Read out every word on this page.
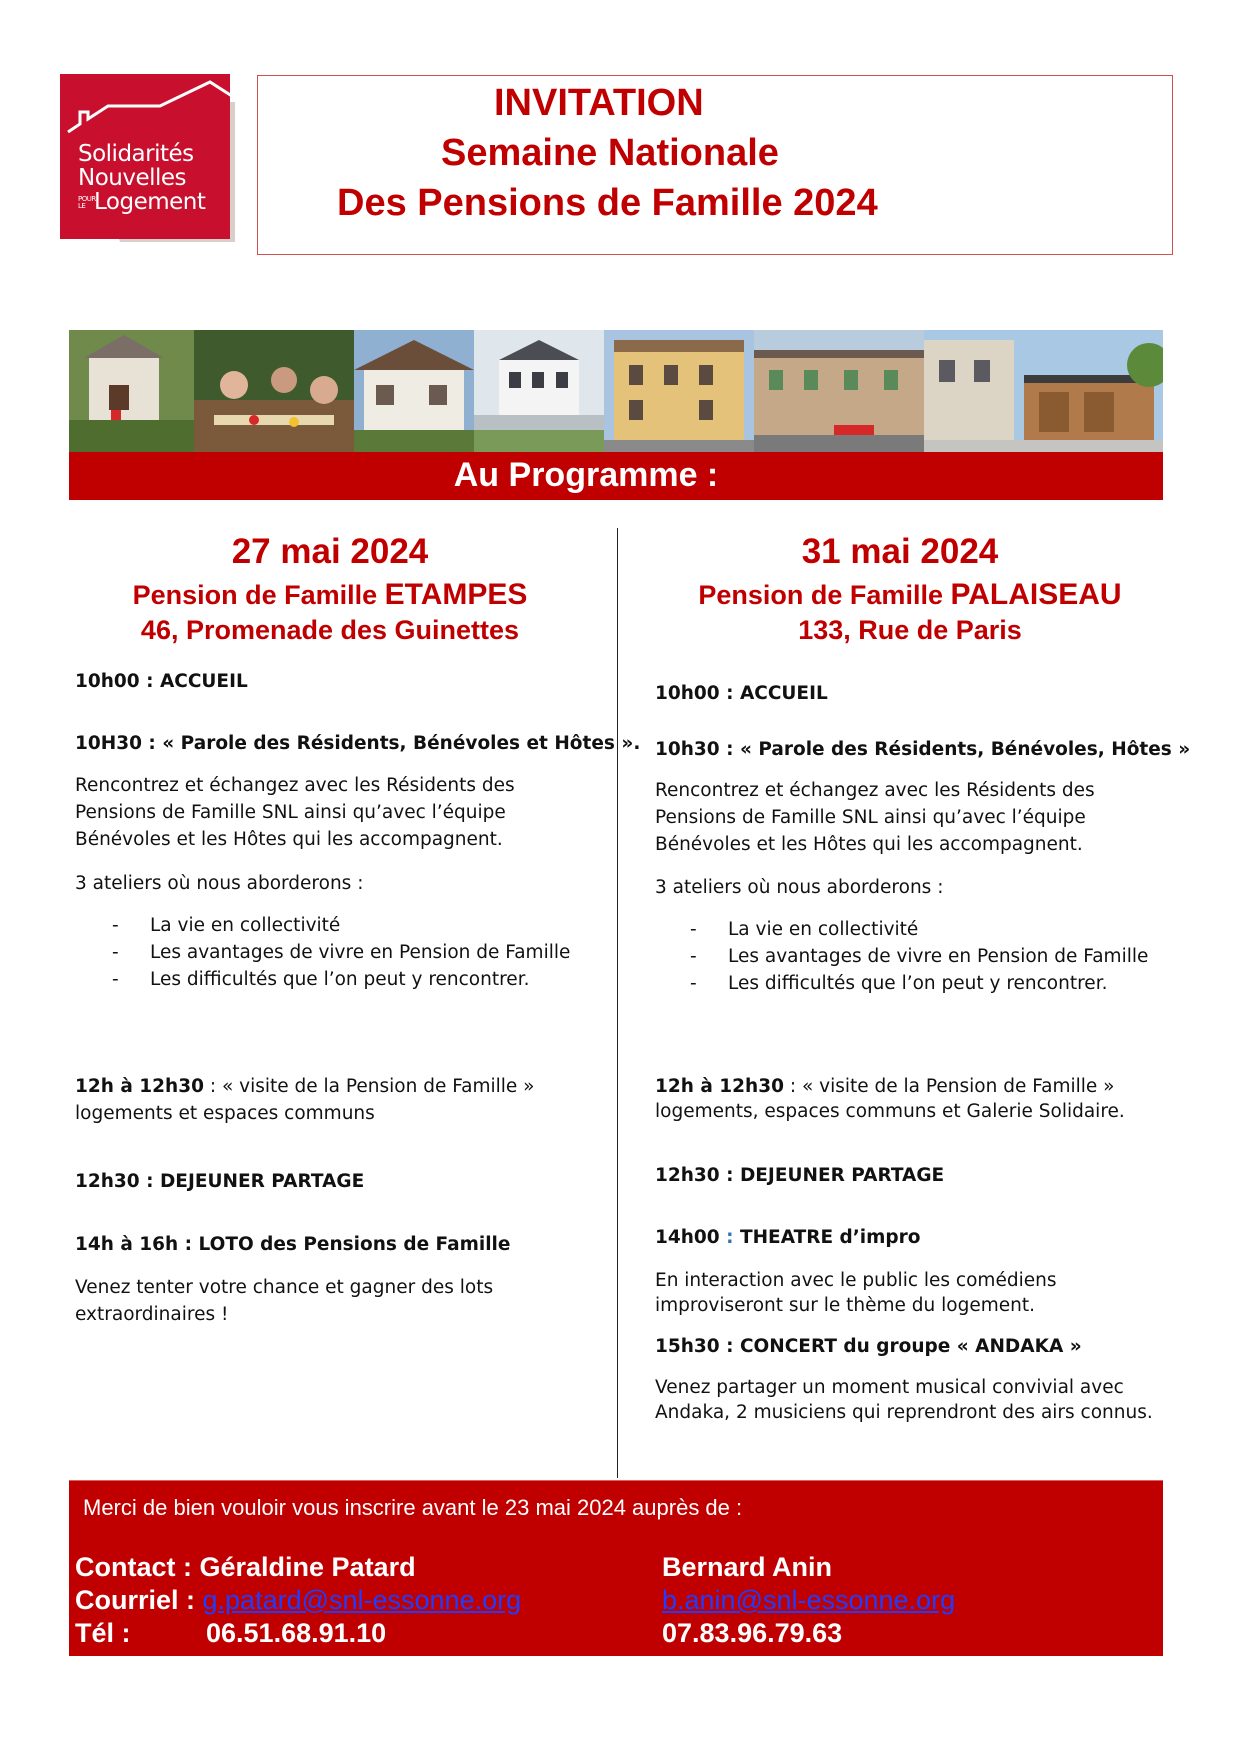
Solidarités
Nouvelles
POUR LE Logement
INVITATION
Semaine Nationale
Des Pensions de Famille 2024
Au Programme :
27 mai 2024
Pension de Famille ETAMPES
46, Promenade des Guinettes
31 mai 2024
Pension de Famille PALAISEAU
133, Rue de Paris
10h00 : ACCUEIL
10H30 : « Parole des Résidents, Bénévoles et Hôtes ».
Rencontrez et échangez avec les Résidents des
Pensions de Famille SNL ainsi qu’avec l’équipe
Bénévoles et les Hôtes qui les accompagnent.
3 ateliers où nous aborderons :
- La vie en collectivité
- Les avantages de vivre en Pension de Famille
- Les difficultés que l’on peut y rencontrer.
12h à 12h30 : « visite de la Pension de Famille »
logements et espaces communs
12h30 : DEJEUNER PARTAGE
14h à 16h : LOTO des Pensions de Famille
Venez tenter votre chance et gagner des lots
extraordinaires !
10h00 : ACCUEIL
10h30 : « Parole des Résidents, Bénévoles, Hôtes »
Rencontrez et échangez avec les Résidents des
Pensions de Famille SNL ainsi qu’avec l’équipe
Bénévoles et les Hôtes qui les accompagnent.
3 ateliers où nous aborderons :
- La vie en collectivité
- Les avantages de vivre en Pension de Famille
- Les difficultés que l’on peut y rencontrer.
12h à 12h30 : « visite de la Pension de Famille »
logements, espaces communs et Galerie Solidaire.
12h30 : DEJEUNER PARTAGE
14h00 : THEATRE d’impro
En interaction avec le public les comédiens
improviseront sur le thème du logement.
15h30 : CONCERT du groupe « ANDAKA »
Venez partager un moment musical convivial avec
Andaka, 2 musiciens qui reprendront des airs connus.
Merci de bien vouloir vous inscrire avant le 23 mai 2024 auprès de :
Contact : Géraldine Patard	Bernard Anin
Courriel : g.patard@snl-essonne.org	b.anin@snl-essonne.org
Tél :	06.51.68.91.10	07.83.96.79.63
